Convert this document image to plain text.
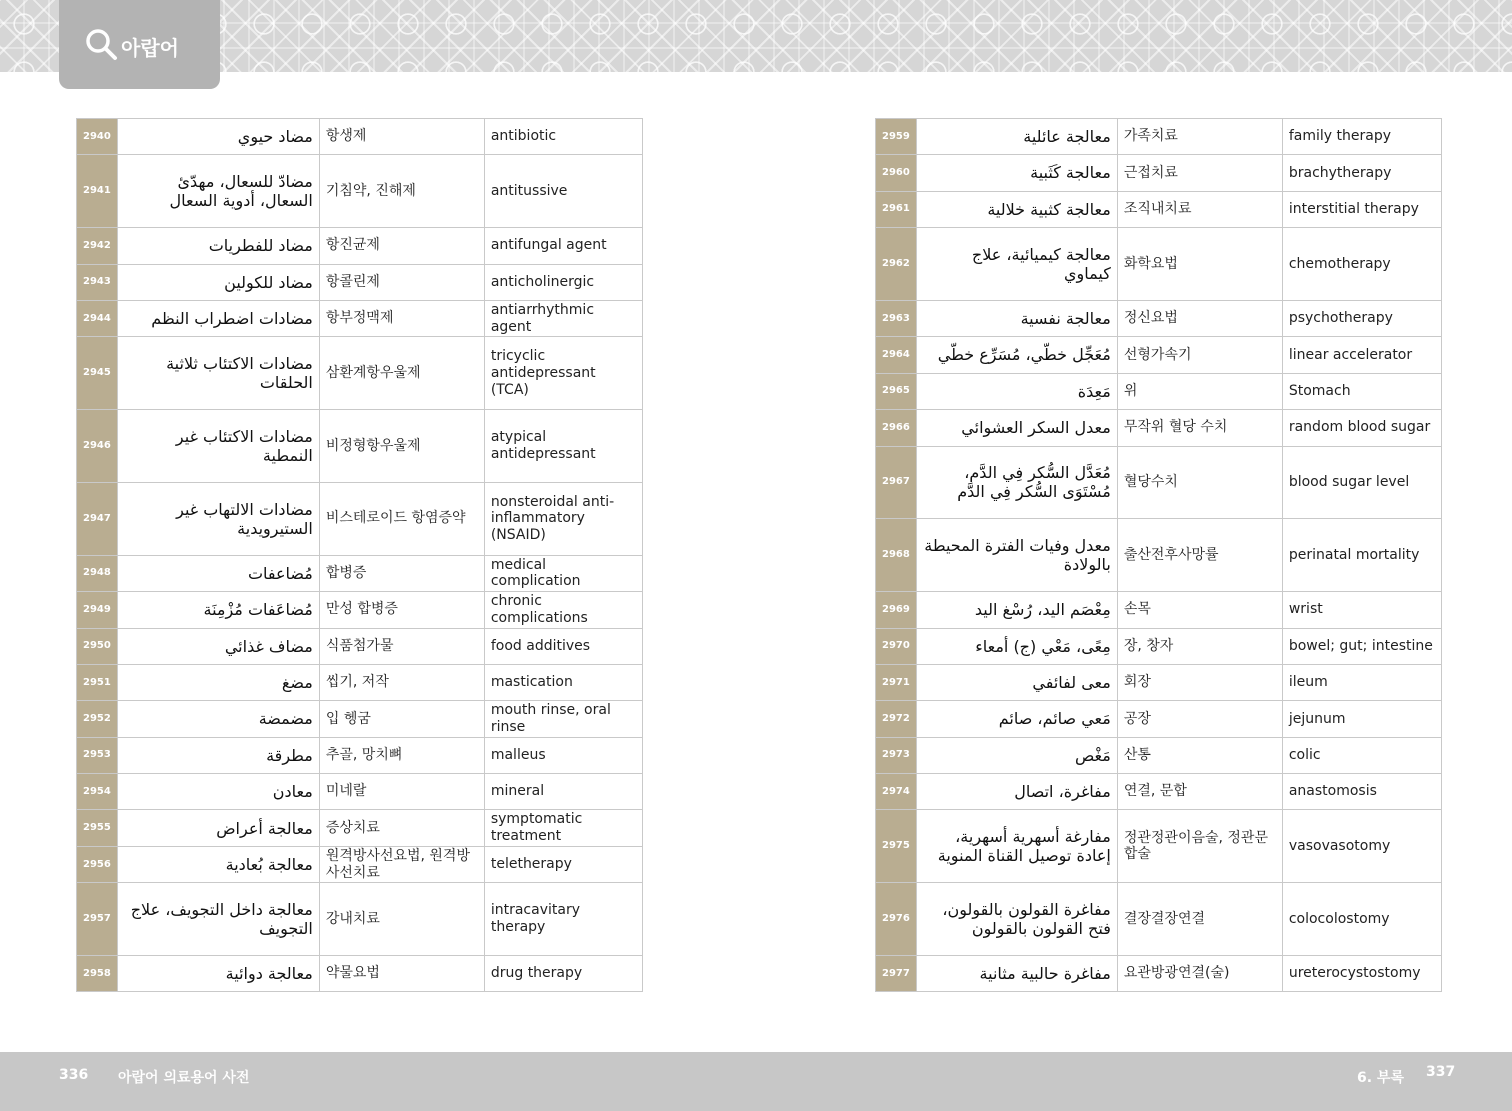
아랍어
2940	مضاد حيوي	항생제	antibiotic
2941	مضادّ للسعال، مهدّئ السعال، أدوية السعال	기침약, 진해제	antitussive
2942	مضاد للفطريات	항진균제	antifungal agent
2943	مضاد للكولين	항콜린제	anticholinergic
2944	مضادات اضطراب النظم	항부정맥제	antiarrhythmic agent
2945	مضادات الاكتئاب ثلاثية الحلقات	삼환계항우울제	tricyclic antidepressant (TCA)
2946	مضادات الاكتئاب غير النمطية	비정형항우울제	atypical antidepressant
2947	مضادات الالتهاب غير الستيرويدية	비스테로이드 항염증약	nonsteroidal anti-inflammatory (NSAID)
2948	مُضاعفات	합병증	medical complication
2949	مُضاعَفات مُزْمِنَة	만성 합병증	chronic complications
2950	مضاف غذائي	식품첨가물	food additives
2951	مضغ	씹기, 저작	mastication
2952	مضمضة	입 헹굼	mouth rinse, oral rinse
2953	مطرقة	추골, 망치뼈	malleus
2954	معادن	미네랄	mineral
2955	معالجة أعراض	증상치료	symptomatic treatment
2956	معالجة بُعادية	원격방사선요법, 원격방사선치료	teletherapy
2957	معالجة داخل التجويف، علاج التجويف	강내치료	intracavitary therapy
2958	معالجة دوائية	약물요법	drug therapy
2959	معالجة عائلية	가족치료	family therapy
2960	معالجة كَثَبية	근접치료	brachytherapy
2961	معالجة كثبية خلالية	조직내치료	interstitial therapy
2962	معالجة كيميائية، علاج كيماوي	화학요법	chemotherapy
2963	معالجة نفسية	정신요법	psychotherapy
2964	مُعَجِّل خطّي، مُسَرِّع خطّي	선형가속기	linear accelerator
2965	مَعِدَة	위	Stomach
2966	معدل السكر العشوائي	무작위 혈당 수치	random blood sugar
2967	مُعَدَّل السُّكر فِي الدَّم، مُسْتَوَى السُّكر فِي الدَّم	혈당수치	blood sugar level
2968	معدل وفيات الفترة المحيطة بالولادة	출산전후사망률	perinatal mortality
2969	مِعْصَم اليد، رُسْغ اليد	손목	wrist
2970	مِعًى، مَعْي (ج) أمعاء	장, 창자	bowel; gut; intestine
2971	معى لفائفي	회장	ileum
2972	مَعي صائم، صائم	공장	jejunum
2973	مَغْص	산통	colic
2974	مفاغرة، اتصال	연결, 문합	anastomosis
2975	مفارغة أسهرية أسهرية، إعادة توصيل القناة المنوية	정관정관이음술, 정관문합술	vasovasotomy
2976	مفاغرة القولون بالقولون، فتح القولون بالقولون	결장결장연결	colocolostomy
2977	مفاغرة حالبية مثانية	요관방광연결(술)	ureterocystostomy
336 아랍어 의료용어 사전	6. 부록 337
